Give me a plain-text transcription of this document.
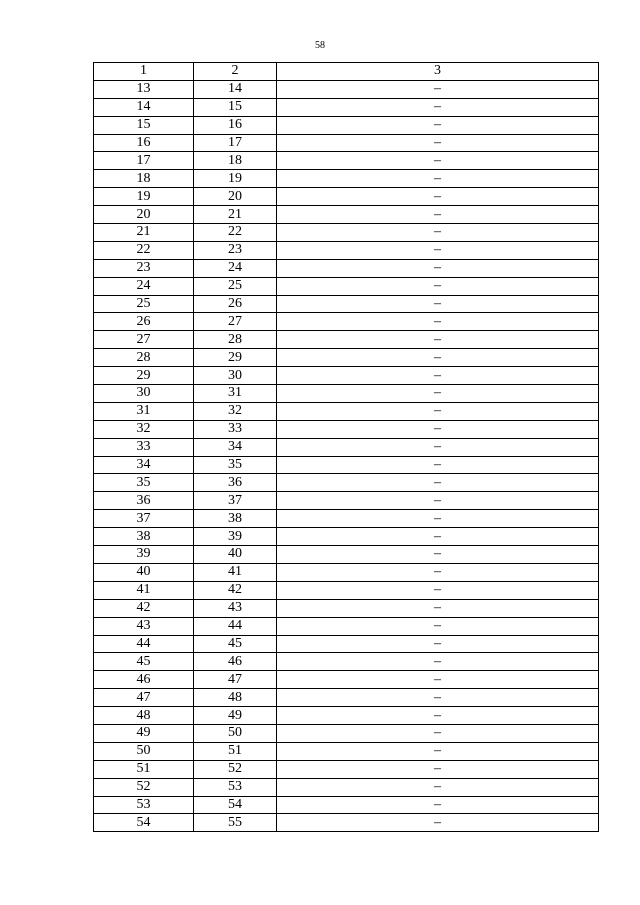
58
1	2	3
13	14	–
14	15	–
15	16	–
16	17	–
17	18	–
18	19	–
19	20	–
20	21	–
21	22	–
22	23	–
23	24	–
24	25	–
25	26	–
26	27	–
27	28	–
28	29	–
29	30	–
30	31	–
31	32	–
32	33	–
33	34	–
34	35	–
35	36	–
36	37	–
37	38	–
38	39	–
39	40	–
40	41	–
41	42	–
42	43	–
43	44	–
44	45	–
45	46	–
46	47	–
47	48	–
48	49	–
49	50	–
50	51	–
51	52	–
52	53	–
53	54	–
54	55	–
